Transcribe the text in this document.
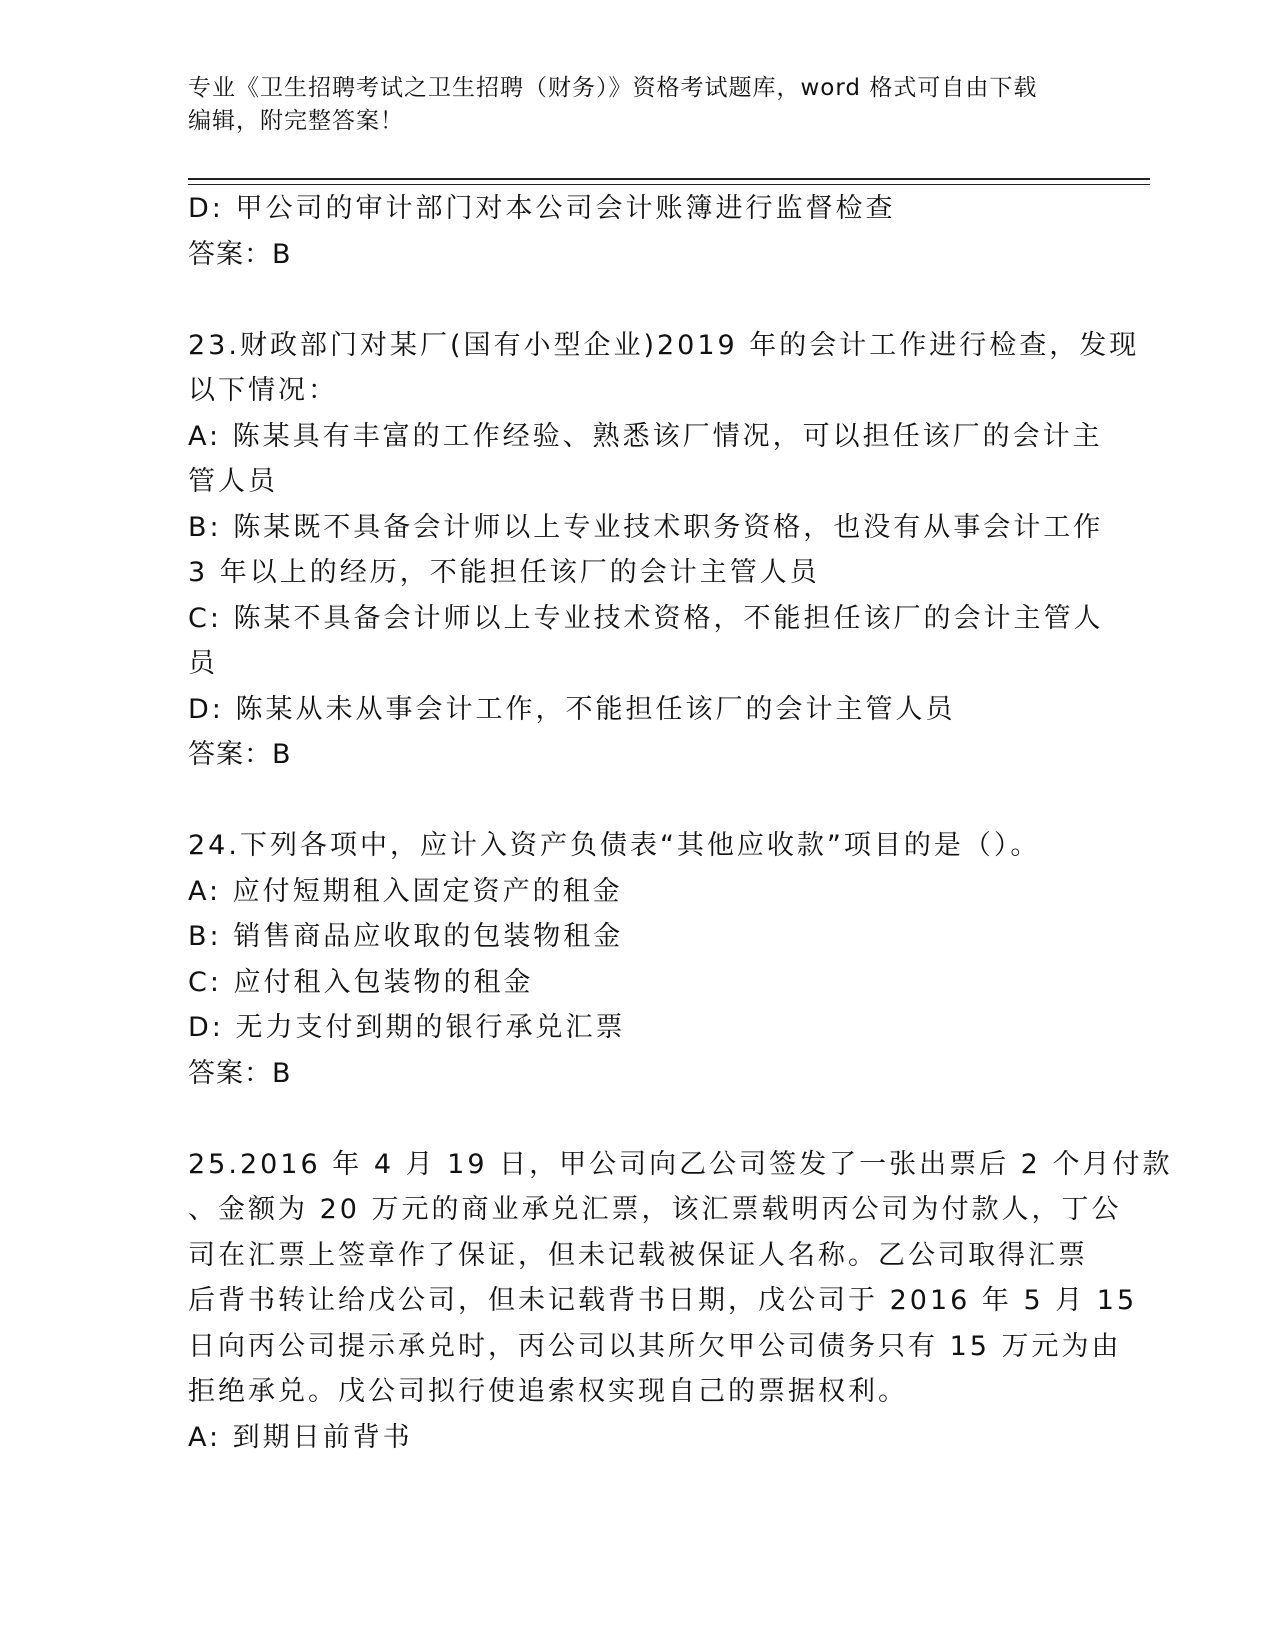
专业《卫生招聘考试之卫生招聘（财务）》资格考试题库，word 格式可自由下载
编辑，附完整答案！
D: 甲公司的审计部门对本公司会计账簿进行监督检查
答案：B
23.财政部门对某厂(国有小型企业)2019 年的会计工作进行检查，发现
以下情况：
A: 陈某具有丰富的工作经验、熟悉该厂情况，可以担任该厂的会计主
管人员
B: 陈某既不具备会计师以上专业技术职务资格，也没有从事会计工作
3 年以上的经历，不能担任该厂的会计主管人员
C: 陈某不具备会计师以上专业技术资格，不能担任该厂的会计主管人
员
D: 陈某从未从事会计工作，不能担任该厂的会计主管人员
答案：B
24.下列各项中，应计入资产负债表“其他应收款”项目的是（）。
A: 应付短期租入固定资产的租金
B: 销售商品应收取的包装物租金
C: 应付租入包装物的租金
D: 无力支付到期的银行承兑汇票
答案：B
25.2016 年 4 月 19 日，甲公司向乙公司签发了一张出票后 2 个月付款
、金额为 20 万元的商业承兑汇票，该汇票载明丙公司为付款人，丁公
司在汇票上签章作了保证，但未记载被保证人名称。乙公司取得汇票
后背书转让给戊公司，但未记载背书日期，戊公司于 2016 年 5 月 15
日向丙公司提示承兑时，丙公司以其所欠甲公司债务只有 15 万元为由
拒绝承兑。戊公司拟行使追索权实现自己的票据权利。
A: 到期日前背书
